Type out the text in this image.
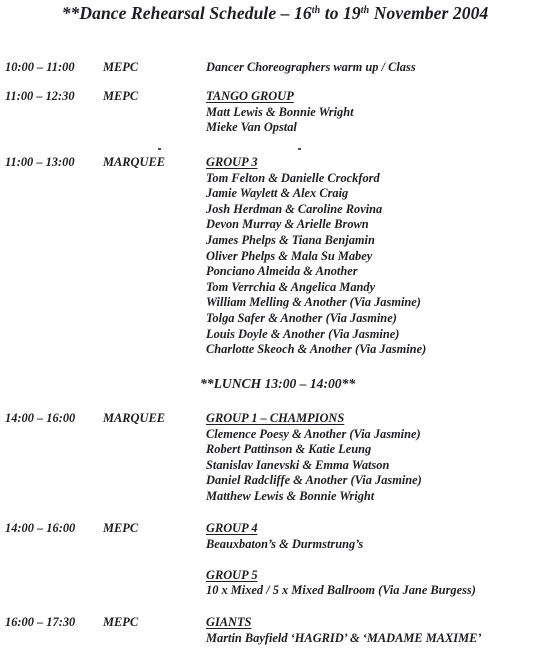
**Dance Rehearsal Schedule – 16th to 19th November 2004
10:00 – 11:00 MEPC	Dancer Choreographers warm up / Class
11:00 – 12:30 MEPC	TANGO GROUP
Matt Lewis & Bonnie Wright
Mieke Van Opstal
11:00 – 13:00 MARQUEE	GROUP 3
Tom Felton & Danielle Crockford
Jamie Waylett & Alex Craig
Josh Herdman & Caroline Rovina
Devon Murray & Arielle Brown
James Phelps & Tiana Benjamin
Oliver Phelps & Mala Su Mabey
Ponciano Almeida & Another
Tom Verrchia & Angelica Mandy
William Melling & Another (Via Jasmine)
Tolga Safer & Another (Via Jasmine)
Louis Doyle & Another (Via Jasmine)
Charlotte Skeoch & Another (Via Jasmine)
**LUNCH 13:00 – 14:00**
14:00 – 16:00 MARQUEE	GROUP 1 – CHAMPIONS
Clemence Poesy & Another (Via Jasmine)
Robert Pattinson & Katie Leung
Stanislav Ianevski & Emma Watson
Daniel Radcliffe & Another (Via Jasmine)
Matthew Lewis & Bonnie Wright
14:00 – 16:00 MEPC	GROUP 4
Beauxbaton’s & Durmstrung’s
GROUP 5
10 x Mixed / 5 x Mixed Ballroom (Via Jane Burgess)
16:00 – 17:30 MEPC	GIANTS
Martin Bayfield ‘HAGRID’ & ‘MADAME MAXIME’
